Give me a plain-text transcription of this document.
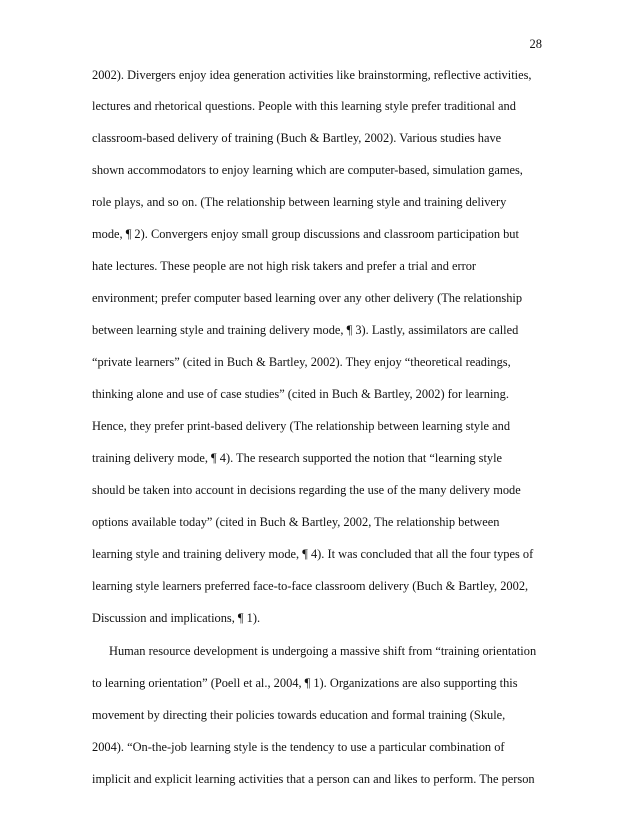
28
2002). Divergers enjoy idea generation activities like brainstorming, reflective activities,
lectures and rhetorical questions. People with this learning style prefer traditional and
classroom-based delivery of training (Buch & Bartley, 2002). Various studies have
shown accommodators to enjoy learning which are computer-based, simulation games,
role plays, and so on. (The relationship between learning style and training delivery
mode, ¶ 2). Convergers enjoy small group discussions and classroom participation but
hate lectures. These people are not high risk takers and prefer a trial and error
environment; prefer computer based learning over any other delivery (The relationship
between learning style and training delivery mode, ¶ 3). Lastly, assimilators are called
“private learners” (cited in Buch & Bartley, 2002). They enjoy “theoretical readings,
thinking alone and use of case studies” (cited in Buch & Bartley, 2002) for learning.
Hence, they prefer print-based delivery (The relationship between learning style and
training delivery mode, ¶ 4). The research supported the notion that “learning style
should be taken into account in decisions regarding the use of the many delivery mode
options available today” (cited in Buch & Bartley, 2002, The relationship between
learning style and training delivery mode, ¶ 4). It was concluded that all the four types of
learning style learners preferred face-to-face classroom delivery (Buch & Bartley, 2002,
Discussion and implications, ¶ 1).
Human resource development is undergoing a massive shift from “training orientation
to learning orientation” (Poell et al., 2004, ¶ 1). Organizations are also supporting this
movement by directing their policies towards education and formal training (Skule,
2004). “On-the-job learning style is the tendency to use a particular combination of
implicit and explicit learning activities that a person can and likes to perform. The person
